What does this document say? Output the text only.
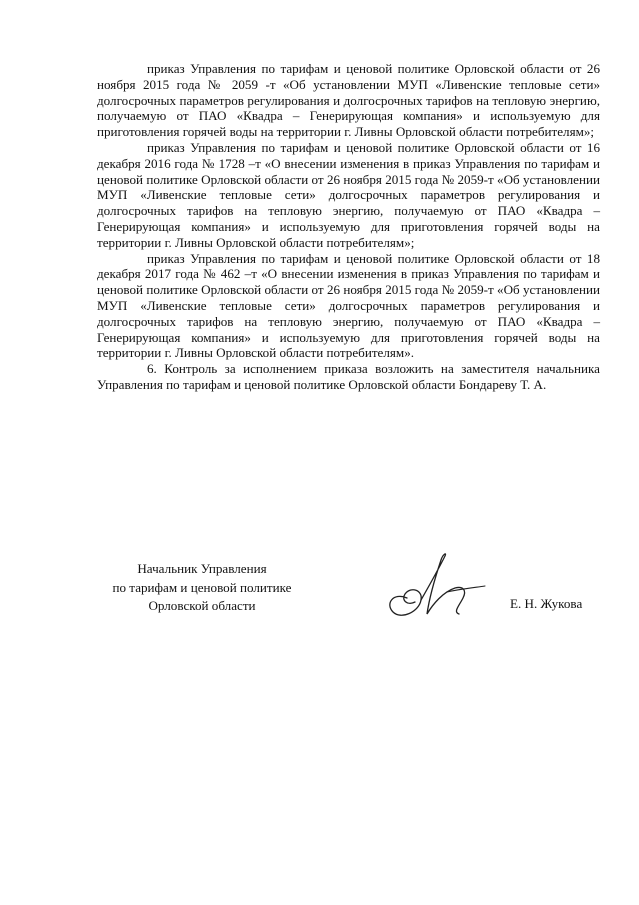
приказ Управления по тарифам и ценовой политике Орловской области от 26 ноября 2015 года № 2059 -т «Об установлении МУП «Ливенские тепловые сети» долгосрочных параметров регулирования и долгосрочных тарифов на тепловую энергию, получаемую от ПАО «Квадра – Генерирующая компания» и используемую для приготовления горячей воды на территории г. Ливны Орловской области потребителям»;

приказ Управления по тарифам и ценовой политике Орловской области от 16 декабря 2016 года № 1728 –т «О внесении изменения в приказ Управления по тарифам и ценовой политике Орловской области от 26 ноября 2015 года № 2059-т «Об установлении МУП «Ливенские тепловые сети» долгосрочных параметров регулирования и долгосрочных тарифов на тепловую энергию, получаемую от ПАО «Квадра – Генерирующая компания» и используемую для приготовления горячей воды на территории г. Ливны Орловской области потребителям»;

приказ Управления по тарифам и ценовой политике Орловской области от 18 декабря 2017 года № 462 –т «О внесении изменения в приказ Управления по тарифам и ценовой политике Орловской области от 26 ноября 2015 года № 2059-т «Об установлении МУП «Ливенские тепловые сети» долгосрочных параметров регулирования и долгосрочных тарифов на тепловую энергию, получаемую от ПАО «Квадра – Генерирующая компания» и используемую для приготовления горячей воды на территории г. Ливны Орловской области потребителям».

6. Контроль за исполнением приказа возложить на заместителя начальника Управления по тарифам и ценовой политике Орловской области Бондареву Т. А.

Начальник Управления
по тарифам и ценовой политике
Орловской области	Е. Н. Жукова
